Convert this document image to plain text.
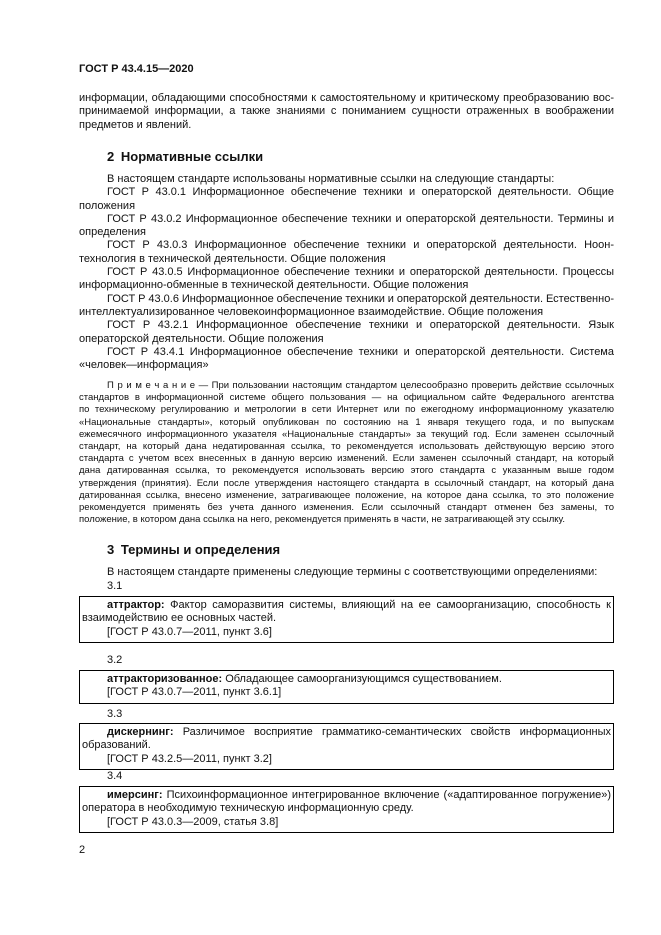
ГОСТ Р 43.4.15—2020
информации, обладающими способностями к самостоятельному и критическому преобразованию вос-
принимаемой информации, а также знаниями с пониманием сущности отраженных в воображении
предметов и явлений.
2 Нормативные ссылки
В настоящем стандарте использованы нормативные ссылки на следующие стандарты:
ГОСТ Р 43.0.1 Информационное обеспечение техники и операторской деятельности. Общие
положения
ГОСТ Р 43.0.2 Информационное обеспечение техники и операторской деятельности. Термины и
определения
ГОСТ Р 43.0.3 Информационное обеспечение техники и операторской деятельности. Ноон-
технология в технической деятельности. Общие положения
ГОСТ Р 43.0.5 Информационное обеспечение техники и операторской деятельности. Процессы
информационно-обменные в технической деятельности. Общие положения
ГОСТ Р 43.0.6 Информационное обеспечение техники и операторской деятельности. Естественно-
интеллектуализированное человекоинформационное взаимодействие. Общие положения
ГОСТ Р 43.2.1 Информационное обеспечение техники и операторской деятельности. Язык
операторской деятельности. Общие положения
ГОСТ Р 43.4.1 Информационное обеспечение техники и операторской деятельности. Система
«человек—информация»
П р и м е ч а н и е — При пользовании настоящим стандартом целесообразно проверить действие ссылочных
стандартов в информационной системе общего пользования — на официальном сайте Федерального агентства
по техническому регулированию и метрологии в сети Интернет или по ежегодному информационному указателю
«Национальные стандарты», который опубликован по состоянию на 1 января текущего года, и по выпускам
ежемесячного информационного указателя «Национальные стандарты» за текущий год. Если заменен ссылочный
стандарт, на который дана недатированная ссылка, то рекомендуется использовать действующую версию этого
стандарта с учетом всех внесенных в данную версию изменений. Если заменен ссылочный стандарт, на который
дана датированная ссылка, то рекомендуется использовать версию этого стандарта с указанным выше годом
утверждения (принятия). Если после утверждения настоящего стандарта в ссылочный стандарт, на который дана
датированная ссылка, внесено изменение, затрагивающее положение, на которое дана ссылка, то это положение
рекомендуется применять без учета данного изменения. Если ссылочный стандарт отменен без замены, то
положение, в котором дана ссылка на него, рекомендуется применять в части, не затрагивающей эту ссылку.
3 Термины и определения
В настоящем стандарте применены следующие термины с соответствующими определениями:
3.1
аттрактор: Фактор саморазвития системы, влияющий на ее самоорганизацию, способность к
взаимодействию ее основных частей.
[ГОСТ Р 43.0.7—2011, пункт 3.6]
3.2
аттракторизованное: Обладающее самоорганизующимся существованием.
[ГОСТ Р 43.0.7—2011, пункт 3.6.1]
3.3
дискернинг: Различимое восприятие грамматико-семантических свойств информационных
образований.
[ГОСТ Р 43.2.5—2011, пункт 3.2]
3.4
имерсинг: Психоинформационное интегрированное включение («адаптированное погружение»)
оператора в необходимую техническую информационную среду.
[ГОСТ Р 43.0.3—2009, статья 3.8]
2
